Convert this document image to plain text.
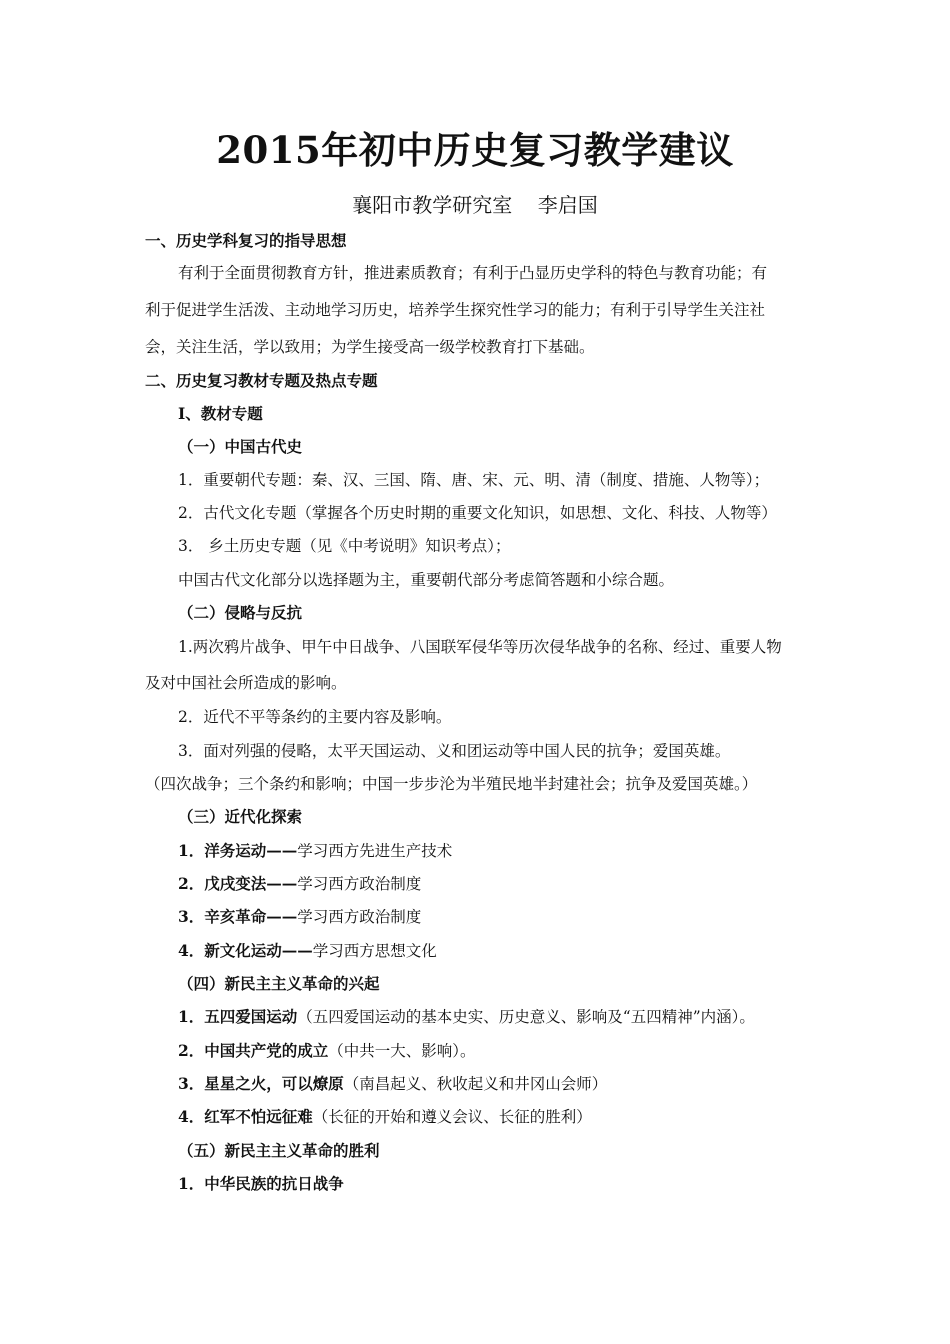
2015年初中历史复习教学建议
襄阳市教学研究室    李启国
一、历史学科复习的指导思想
有利于全面贯彻教育方针，推进素质教育；有利于凸显历史学科的特色与教育功能；有
利于促进学生活泼、主动地学习历史，培养学生探究性学习的能力；有利于引导学生关注社
会，关注生活，学以致用；为学生接受高一级学校教育打下基础。
二、历史复习教材专题及热点专题
Ⅰ、教材专题
（一）中国古代史
1．重要朝代专题：秦、汉、三国、隋、唐、宋、元、明、清（制度、措施、人物等）；
2．古代文化专题（掌握各个历史时期的重要文化知识，如思想、文化、科技、人物等）
3． 乡土历史专题（见《中考说明》知识考点）；
中国古代文化部分以选择题为主，重要朝代部分考虑简答题和小综合题。
（二）侵略与反抗
1.两次鸦片战争、甲午中日战争、八国联军侵华等历次侵华战争的名称、经过、重要人物
及对中国社会所造成的影响。
2．近代不平等条约的主要内容及影响。
3．面对列强的侵略，太平天国运动、义和团运动等中国人民的抗争；爱国英雄。
（四次战争；三个条约和影响；中国一步步沦为半殖民地半封建社会；抗争及爱国英雄。）
（三）近代化探索
1．洋务运动——学习西方先进生产技术
2．戊戌变法——学习西方政治制度
3．辛亥革命——学习西方政治制度
4．新文化运动——学习西方思想文化
（四）新民主主义革命的兴起
1．五四爱国运动（五四爱国运动的基本史实、历史意义、影响及“五四精神”内涵）。
2．中国共产党的成立（中共一大、影响）。
3．星星之火，可以燎原（南昌起义、秋收起义和井冈山会师）
4．红军不怕远征难（长征的开始和遵义会议、长征的胜利）
（五）新民主主义革命的胜利
1．中华民族的抗日战争
